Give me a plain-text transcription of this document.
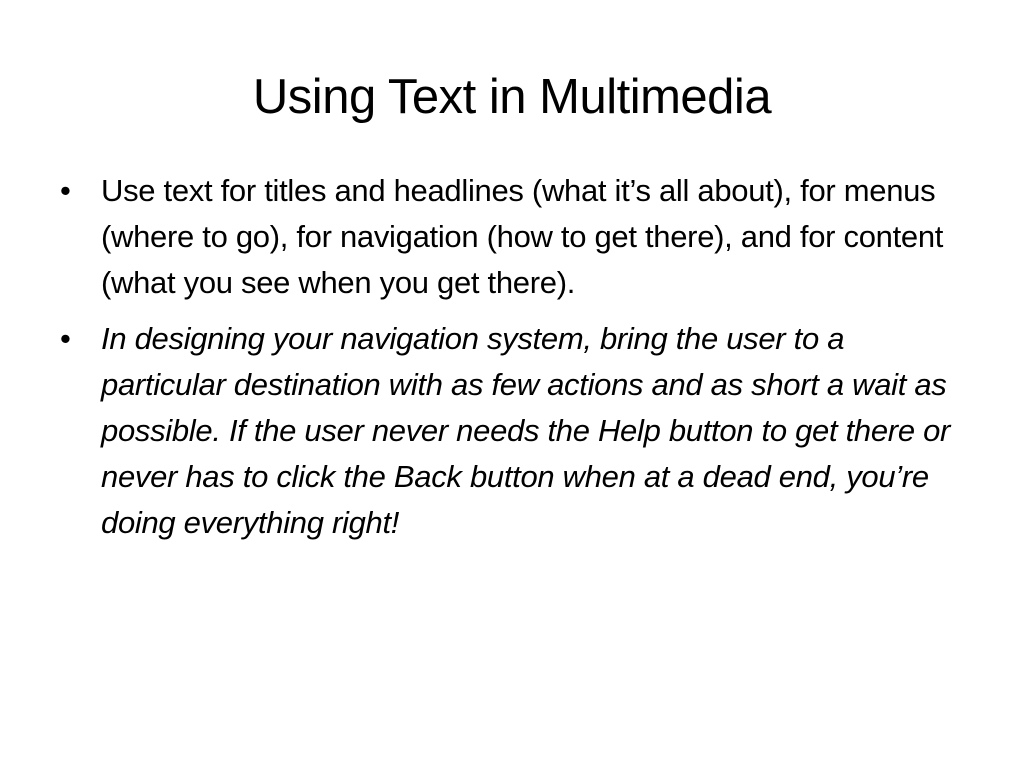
Using Text in Multimedia
• Use text for titles and headlines (what it’s all about), for menus (where to go), for navigation (how to get there), and for content (what you see when you get there).
• In designing your navigation system, bring the user to a particular destination with as few actions and as short a wait as possible. If the user never needs the Help button to get there or never has to click the Back button when at a dead end, you’re doing everything right!
